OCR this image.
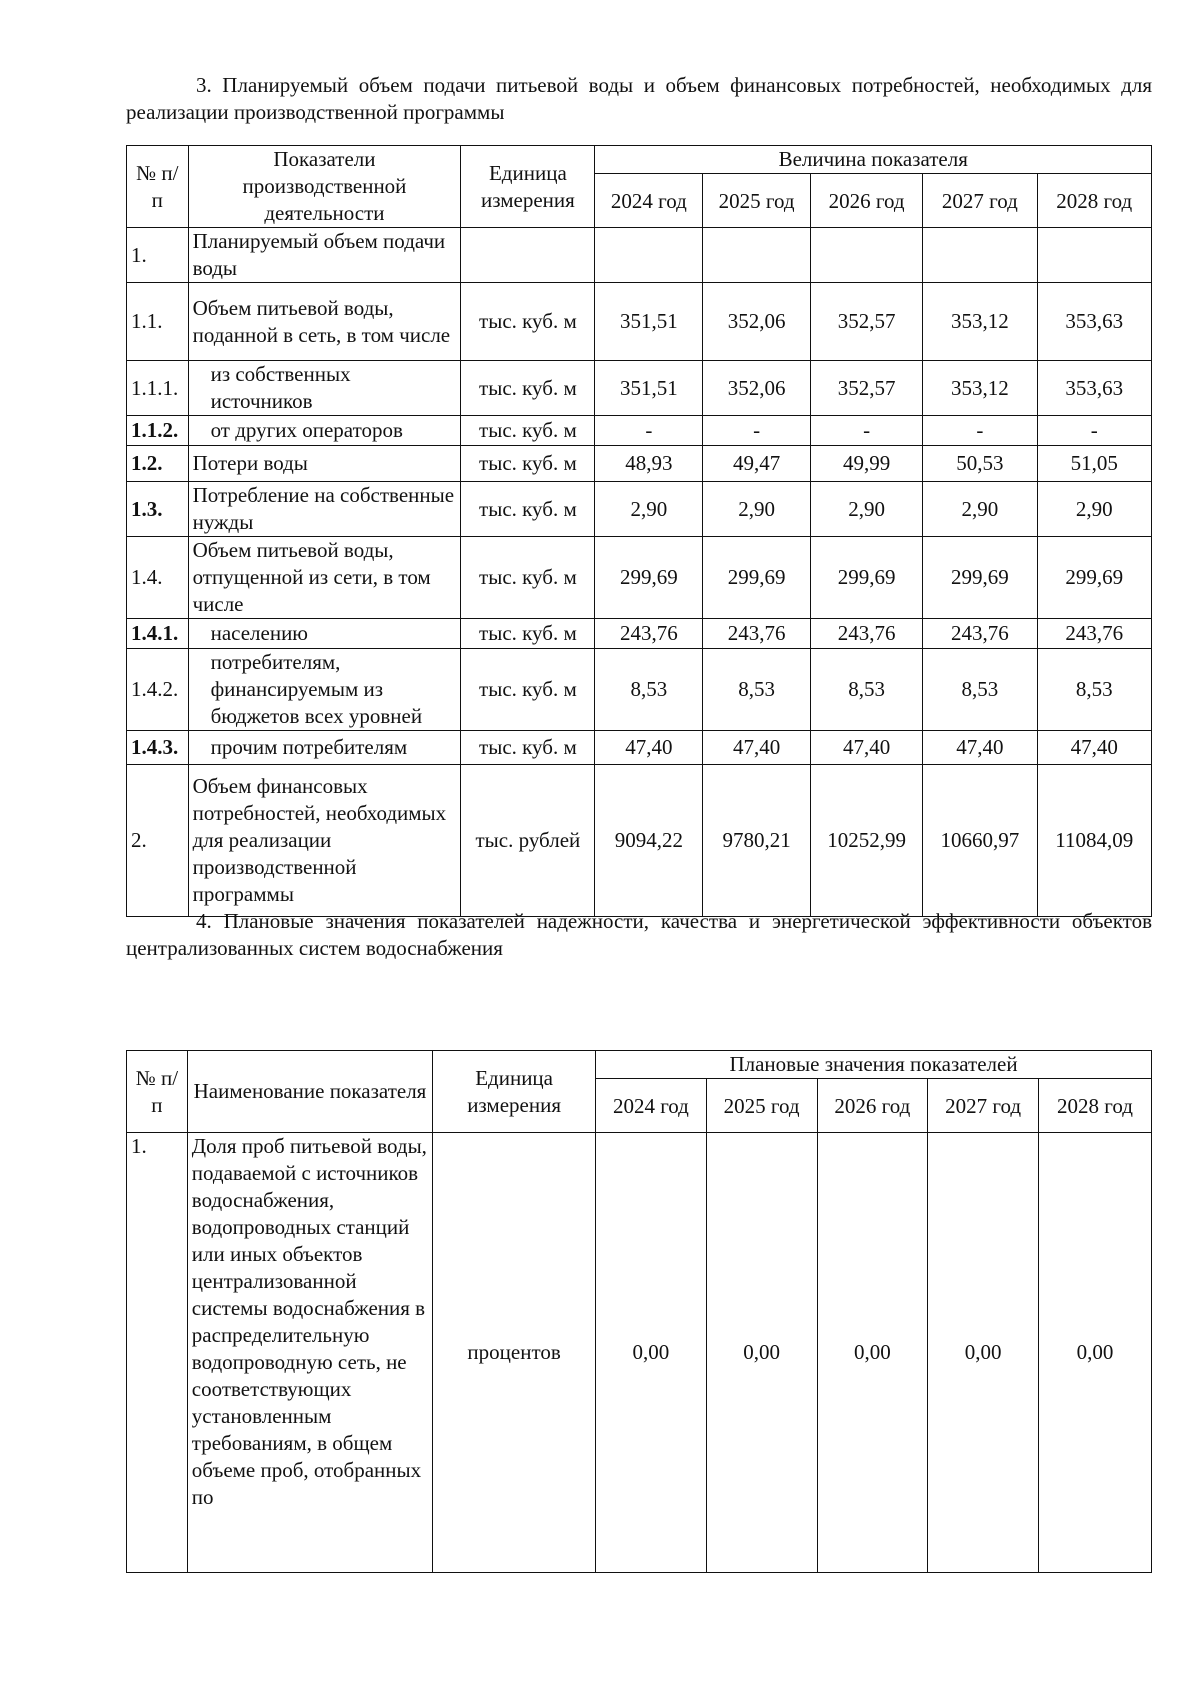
3. Планируемый объем подачи питьевой воды и объем финансовых потребностей, необходимых для реализации производственной программы
№ п/п	Показатели производственной деятельности	Единица измерения	Величина показателя				
			2024 год	2025 год	2026 год	2027 год	2028 год
1.	Планируемый объем подачи воды						
1.1.	Объем питьевой воды, поданной в сеть, в том числе	тыс. куб. м	351,51	352,06	352,57	353,12	353,63
1.1.1.	из собственных источников	тыс. куб. м	351,51	352,06	352,57	353,12	353,63
1.1.2.	от других операторов	тыс. куб. м	-	-	-	-	-
1.2.	Потери воды	тыс. куб. м	48,93	49,47	49,99	50,53	51,05
1.3.	Потребление на собственные нужды	тыс. куб. м	2,90	2,90	2,90	2,90	2,90
1.4.	Объем питьевой воды, отпущенной из сети, в том числе	тыс. куб. м	299,69	299,69	299,69	299,69	299,69
1.4.1.	населению	тыс. куб. м	243,76	243,76	243,76	243,76	243,76
1.4.2.	потребителям, финансируемым из бюджетов всех уровней	тыс. куб. м	8,53	8,53	8,53	8,53	8,53
1.4.3.	прочим потребителям	тыс. куб. м	47,40	47,40	47,40	47,40	47,40
2.	Объем финансовых потребностей, необходимых для реализации производственной программы	тыс. рублей	9094,22	9780,21	10252,99	10660,97	11084,09
4. Плановые значения показателей надежности, качества и энергетической эффективности объектов централизованных систем водоснабжения
№ п/п	Наименование показателя	Единица измерения	Плановые значения показателей				
			2024 год	2025 год	2026 год	2027 год	2028 год
1.	Доля проб питьевой воды, подаваемой с источников водоснабжения, водопроводных станций или иных объектов централизованной системы водоснабжения в распределительную водопроводную сеть, не соответствующих установленным требованиям, в общем объеме проб, отобранных по	процентов	0,00	0,00	0,00	0,00	0,00
